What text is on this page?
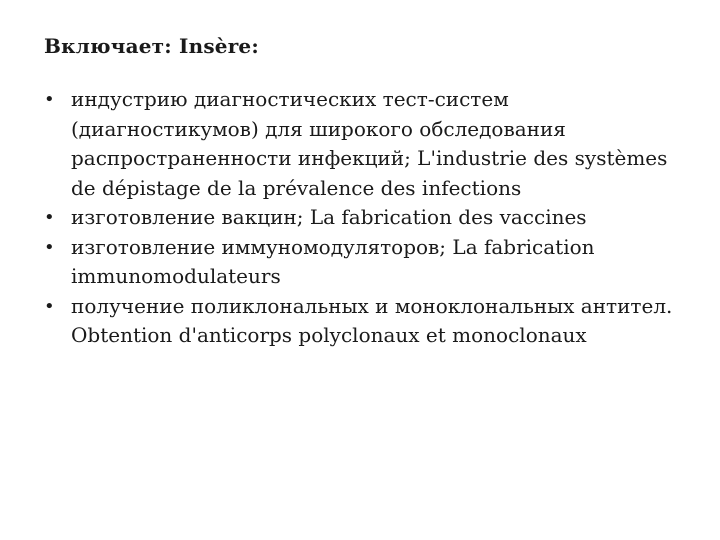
Включает: Insère:
• индустрию диагностических тест-систем (диагностикумов) для широкого обследования распространенности инфекций; L'industrie des systèmes de dépistage de la prévalence des infections
• изготовление вакцин; La fabrication des vaccines
• изготовление иммуномодуляторов; La fabrication immunomodulateurs
• получение поликлональных и моноклональных антител. Obtention d'anticorps polyclonaux et monoclonaux
